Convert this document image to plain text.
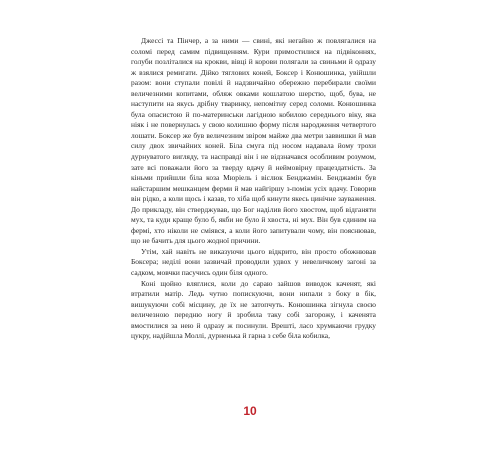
Джессі та Пінчер, а за ними — свині, які негайно ж повлягалися на соломі перед самим підвищенням. Кури примостилися на підвіконнях, голуби позліталися на крокви, вівці й корови полягали за свиньми й одразу ж взялися ремигати. Дійко тяглових коней, Боксер і Конюшинка, увійшли разом: вони ступали повілі й надзвичайно обережно перебирали своїми величезними копитами, обляж овками кошлатою шерстю, щоб, бува, не наступити на якусь дрібну тваринку, непомітну серед соломи. Конюшинка була опасистою й по-материнськи лагідною кобилою середнього віку, яка ніяк і не повернулась у свою колишню форму після народження четвертого лошати. Боксер же був величезним звіром майже два метри заввишки й мав силу двох звичайних коней. Біла смуга під носом надавала йому трохи дурнуватого вигляду, та насправді він і не відзначався особливим розумом, зате всі поважали його за тверду вдачу й неймовірну працездатність. За кіньми прийшли біла коза Мюріель і віслюк Бенджамін. Бенджамін був найстаршим мешканцем ферми й мав найгіршу з-поміж усіх вдачу. Говорив він рідко, а коли щось і казав, то хіба щоб кинути якесь цинічне зауваження. До прикладу, він стверджував, що Бог наділив його хвостом, щоб відганяти мух, та куди краще було б, якби не було й хвоста, ні мух. Він був єдиним на фермі, хто ніколи не сміявся, а коли його запитували чому, він пояснював, що не бачить для цього жодної причини.

Утім, хай навіть не виказуючи цього відкрито, він просто обожнював Боксера; неділі вони зазвичай проводили удвох у невеличкому загоні за садком, мовчки пасучись один біля одного.

Коні щойно вляглися, коли до сараю зайшов виводок каченят, які втратили матір. Ледь чутно попискуючи, вони нипали з боку в бік, вишукуючи собі місцину, де їх не затопчуть. Конюшинка зігнула своєю величезною передню ногу й зробила таку собі загорожу, і каченята вмостилися за нею й одразу ж посинули. Врешті, ласо хрумкаючи грудку цукру, надійшла Моллі, дурненька й гарна з себе біла кобилка,

10
